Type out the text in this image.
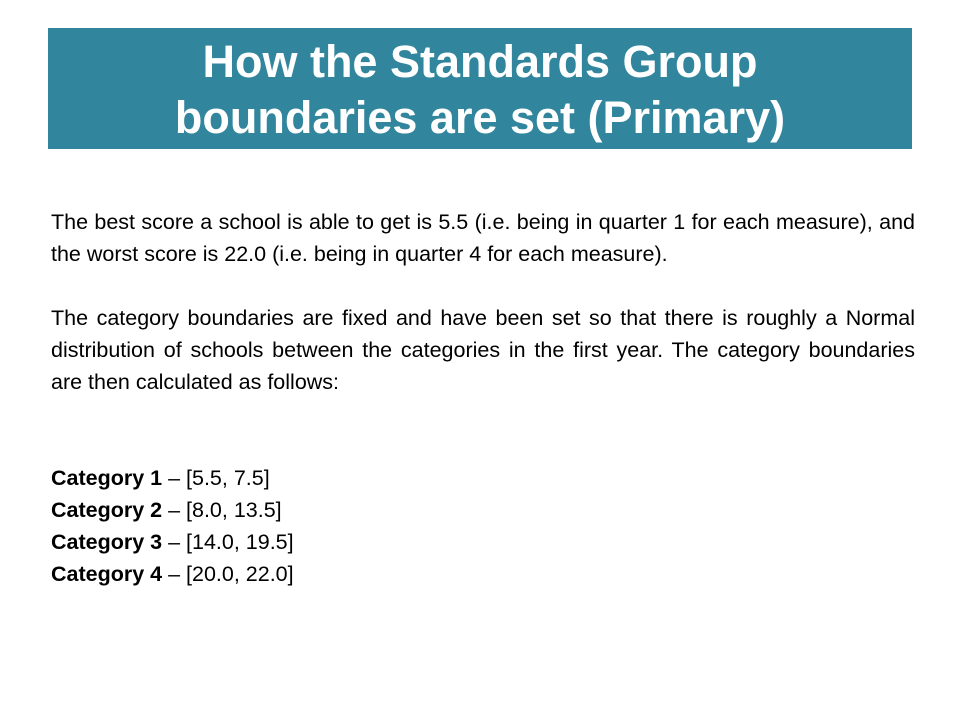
How the Standards Group
boundaries are set (Primary)

The best score a school is able to get is 5.5 (i.e. being in quarter 1 for each measure), and the worst score is 22.0 (i.e. being in quarter 4 for each measure).

The category boundaries are fixed and have been set so that there is roughly a Normal distribution of schools between the categories in the first year. The category boundaries are then calculated as follows:

Category 1 – [5.5, 7.5]

Category 2 – [8.0, 13.5]

Category 3 – [14.0, 19.5]

Category 4 – [20.0, 22.0]
